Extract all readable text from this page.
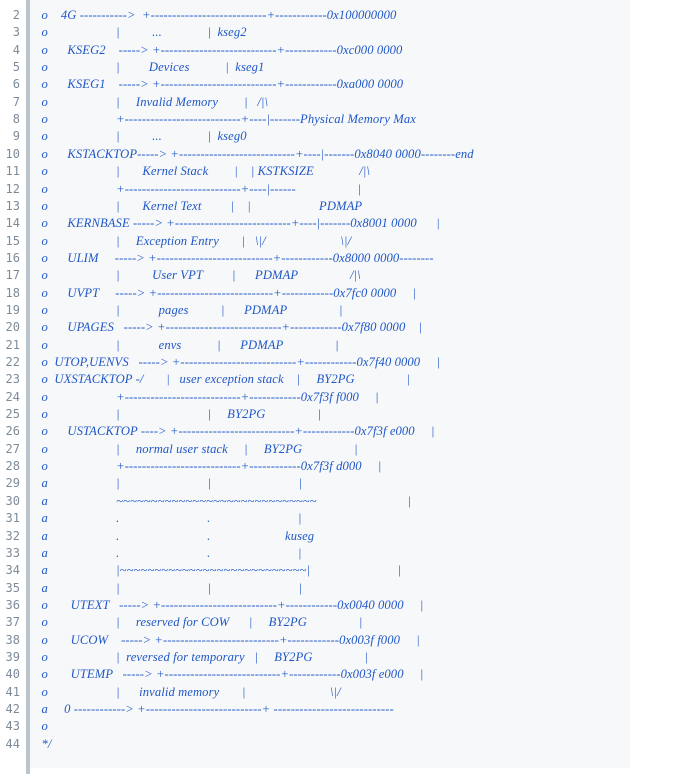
2 o    4G ----------->  +---------------------------+------------0x100000000
3 o                     |          ...              |  kseg2
4 o      KSEG2    -----> +---------------------------+------------0xc000 0000
5 o                     |         Devices           |  kseg1
6 o      KSEG1    -----> +---------------------------+------------0xa000 0000
7 o                     |     Invalid Memory        |   /|\
8 o                     +---------------------------+----|-------Physical Memory Max
9 o                     |          ...              |  kseg0
10 o      KSTACKTOP-----> +---------------------------+----|-------0x8040 0000--------end
11 o                     |       Kernel Stack        |    | KSTKSIZE              /|\
12 o                     +---------------------------+----|------                   |
13 o                     |       Kernel Text         |    |                     PDMAP
14 o      KERNBASE -----> +---------------------------+----|-------0x8001 0000      |
15 o                     |     Exception Entry       |   \|/                       \|/
16 o      ULIM     -----> +---------------------------+------------0x8000 0000--------
17 o                     |          User VPT         |      PDMAP                /|\
18 o      UVPT     -----> +---------------------------+------------0x7fc0 0000     |
19 o                     |            pages          |      PDMAP                |
20 o      UPAGES   -----> +---------------------------+------------0x7f80 0000    |
21 o                     |            envs           |      PDMAP                |
22 o  UTOP,UENVS   -----> +---------------------------+------------0x7f40 0000     |
23 o  UXSTACKTOP -/       |   user exception stack    |     BY2PG                |
24 o                     +---------------------------+------------0x7f3f f000     |
25 o                     |                           |     BY2PG                |
26 o      USTACKTOP ----> +---------------------------+------------0x7f3f e000     |
27 o                     |     normal user stack     |     BY2PG                |
28 o                     +---------------------------+------------0x7f3f d000     |
29 a                     |                           |                           |
30 a                     ~~~~~~~~~~~~~~~~~~~~~~~~~~~~~                            |
31 a                     .                           .                           |
32 a                     .                           .                       kuseg
33 a                     .                           .                           |
34 a                     |~~~~~~~~~~~~~~~~~~~~~~~~~~~|                           |
35 a                     |                           |                           |
36 o       UTEXT   -----> +---------------------------+------------0x0040 0000     |
37 o                     |     reserved for COW      |     BY2PG                |
38 o       UCOW    -----> +---------------------------+------------0x003f f000     |
39 o                     |  reversed for temporary   |     BY2PG                |
40 o       UTEMP   -----> +---------------------------+------------0x003f e000     |
41 o                     |      invalid memory       |                          \|/
42 a     0 ------------> +---------------------------+ ----------------------------
43 o
44 */
